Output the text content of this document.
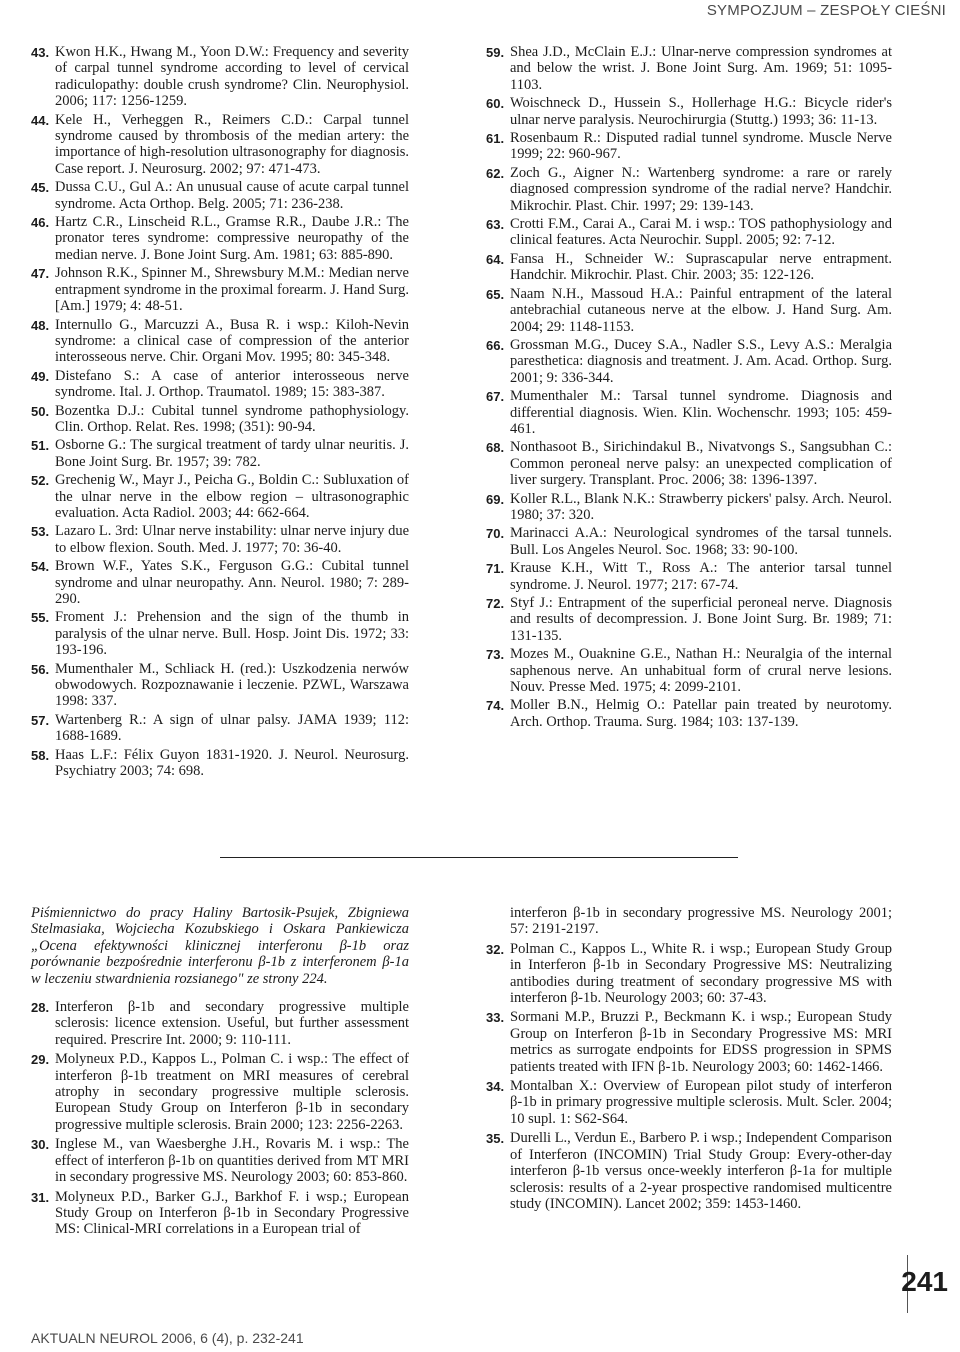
SYMPOZJUM – ZESPOŁY CIEŚNI
43. Kwon H.K., Hwang M., Yoon D.W.: Frequency and severity of carpal tunnel syndrome according to level of cervical radiculopathy: double crush syndrome? Clin. Neurophysiol. 2006; 117: 1256-1259.
44. Kele H., Verheggen R., Reimers C.D.: Carpal tunnel syndrome caused by thrombosis of the median artery: the importance of high-resolution ultrasonography for diagnosis. Case report. J. Neurosurg. 2002; 97: 471-473.
45. Dussa C.U., Gul A.: An unusual cause of acute carpal tunnel syndrome. Acta Orthop. Belg. 2005; 71: 236-238.
46. Hartz C.R., Linscheid R.L., Gramse R.R., Daube J.R.: The pronator teres syndrome: compressive neuropathy of the median nerve. J. Bone Joint Surg. Am. 1981; 63: 885-890.
47. Johnson R.K., Spinner M., Shrewsbury M.M.: Median nerve entrapment syndrome in the proximal forearm. J. Hand Surg. [Am.] 1979; 4: 48-51.
48. Internullo G., Marcuzzi A., Busa R. i wsp.: Kiloh-Nevin syndrome: a clinical case of compression of the anterior interosseous nerve. Chir. Organi Mov. 1995; 80: 345-348.
49. Distefano S.: A case of anterior interosseous nerve syndrome. Ital. J. Orthop. Traumatol. 1989; 15: 383-387.
50. Bozentka D.J.: Cubital tunnel syndrome pathophysiology. Clin. Orthop. Relat. Res. 1998; (351): 90-94.
51. Osborne G.: The surgical treatment of tardy ulnar neuritis. J. Bone Joint Surg. Br. 1957; 39: 782.
52. Grechenig W., Mayr J., Peicha G., Boldin C.: Subluxation of the ulnar nerve in the elbow region – ultrasonographic evaluation. Acta Radiol. 2003; 44: 662-664.
53. Lazaro L. 3rd: Ulnar nerve instability: ulnar nerve injury due to elbow flexion. South. Med. J. 1977; 70: 36-40.
54. Brown W.F., Yates S.K., Ferguson G.G.: Cubital tunnel syndrome and ulnar neuropathy. Ann. Neurol. 1980; 7: 289-290.
55. Froment J.: Prehension and the sign of the thumb in paralysis of the ulnar nerve. Bull. Hosp. Joint Dis. 1972; 33: 193-196.
56. Mumenthaler M., Schliack H. (red.): Uszkodzenia nerwów obwodowych. Rozpoznawanie i leczenie. PZWL, Warszawa 1998: 337.
57. Wartenberg R.: A sign of ulnar palsy. JAMA 1939; 112: 1688-1689.
58. Haas L.F.: Félix Guyon 1831-1920. J. Neurol. Neurosurg. Psychiatry 2003; 74: 698.
59. Shea J.D., McClain E.J.: Ulnar-nerve compression syndromes at and below the wrist. J. Bone Joint Surg. Am. 1969; 51: 1095-1103.
60. Woischneck D., Hussein S., Hollerhage H.G.: Bicycle rider's ulnar nerve paralysis. Neurochirurgia (Stuttg.) 1993; 36: 11-13.
61. Rosenbaum R.: Disputed radial tunnel syndrome. Muscle Nerve 1999; 22: 960-967.
62. Zoch G., Aigner N.: Wartenberg syndrome: a rare or rarely diagnosed compression syndrome of the radial nerve? Handchir. Mikrochir. Plast. Chir. 1997; 29: 139-143.
63. Crotti F.M., Carai A., Carai M. i wsp.: TOS pathophysiology and clinical features. Acta Neurochir. Suppl. 2005; 92: 7-12.
64. Fansa H., Schneider W.: Suprascapular nerve entrapment. Handchir. Mikrochir. Plast. Chir. 2003; 35: 122-126.
65. Naam N.H., Massoud H.A.: Painful entrapment of the lateral antebrachial cutaneous nerve at the elbow. J. Hand Surg. Am. 2004; 29: 1148-1153.
66. Grossman M.G., Ducey S.A., Nadler S.S., Levy A.S.: Meralgia paresthetica: diagnosis and treatment. J. Am. Acad. Orthop. Surg. 2001; 9: 336-344.
67. Mumenthaler M.: Tarsal tunnel syndrome. Diagnosis and differential diagnosis. Wien. Klin. Wochenschr. 1993; 105: 459-461.
68. Nonthasoot B., Sirichindakul B., Nivatvongs S., Sangsubhan C.: Common peroneal nerve palsy: an unexpected complication of liver surgery. Transplant. Proc. 2006; 38: 1396-1397.
69. Koller R.L., Blank N.K.: Strawberry pickers' palsy. Arch. Neurol. 1980; 37: 320.
70. Marinacci A.A.: Neurological syndromes of the tarsal tunnels. Bull. Los Angeles Neurol. Soc. 1968; 33: 90-100.
71. Krause K.H., Witt T., Ross A.: The anterior tarsal tunnel syndrome. J. Neurol. 1977; 217: 67-74.
72. Styf J.: Entrapment of the superficial peroneal nerve. Diagnosis and results of decompression. J. Bone Joint Surg. Br. 1989; 71: 131-135.
73. Mozes M., Ouaknine G.E., Nathan H.: Neuralgia of the internal saphenous nerve. An unhabitual form of crural nerve lesions. Nouv. Presse Med. 1975; 4: 2099-2101.
74. Moller B.N., Helmig O.: Patellar pain treated by neurotomy. Arch. Orthop. Trauma. Surg. 1984; 103: 137-139.
Piśmiennictwo do pracy Haliny Bartosik-Psujek, Zbigniewa Stelmasiaka, Wojciecha Kozubskiego i Oskara Pankiewicza „Ocena efektywności klinicznej interferonu β-1b oraz porównanie bezpośrednie interferonu β-1b z interferonem β-1a w leczeniu stwardnienia rozsianego" ze strony 224.
28. Interferon β-1b and secondary progressive multiple sclerosis: licence extension. Useful, but further assessment required. Prescrire Int. 2000; 9: 110-111.
29. Molyneux P.D., Kappos L., Polman C. i wsp.: The effect of interferon β-1b treatment on MRI measures of cerebral atrophy in secondary progressive multiple sclerosis. European Study Group on Interferon β-1b in secondary progressive multiple sclerosis. Brain 2000; 123: 2256-2263.
30. Inglese M., van Waesberghe J.H., Rovaris M. i wsp.: The effect of interferon β-1b on quantities derived from MT MRI in secondary progressive MS. Neurology 2003; 60: 853-860.
31. Molyneux P.D., Barker G.J., Barkhof F. i wsp.; European Study Group on Interferon β-1b in Secondary Progressive MS: Clinical-MRI correlations in a European trial of
interferon β-1b in secondary progressive MS. Neurology 2001; 57: 2191-2197.
32. Polman C., Kappos L., White R. i wsp.; European Study Group in Interferon β-1b in Secondary Progressive MS: Neutralizing antibodies during treatment of secondary progressive MS with interferon β-1b. Neurology 2003; 60: 37-43.
33. Sormani M.P., Bruzzi P., Beckmann K. i wsp.; European Study Group on Interferon β-1b in Secondary Progressive MS: MRI metrics as surrogate endpoints for EDSS progression in SPMS patients treated with IFN β-1b. Neurology 2003; 60: 1462-1466.
34. Montalban X.: Overview of European pilot study of interferon β-1b in primary progressive multiple sclerosis. Mult. Scler. 2004; 10 supl. 1: S62-S64.
35. Durelli L., Verdun E., Barbero P. i wsp.; Independent Comparison of Interferon (INCOMIN) Trial Study Group: Every-other-day interferon β-1b versus once-weekly interferon β-1a for multiple sclerosis: results of a 2-year prospective randomised multicentre study (INCOMIN). Lancet 2002; 359: 1453-1460.
241
AKTUALN NEUROL 2006, 6 (4), p. 232-241
